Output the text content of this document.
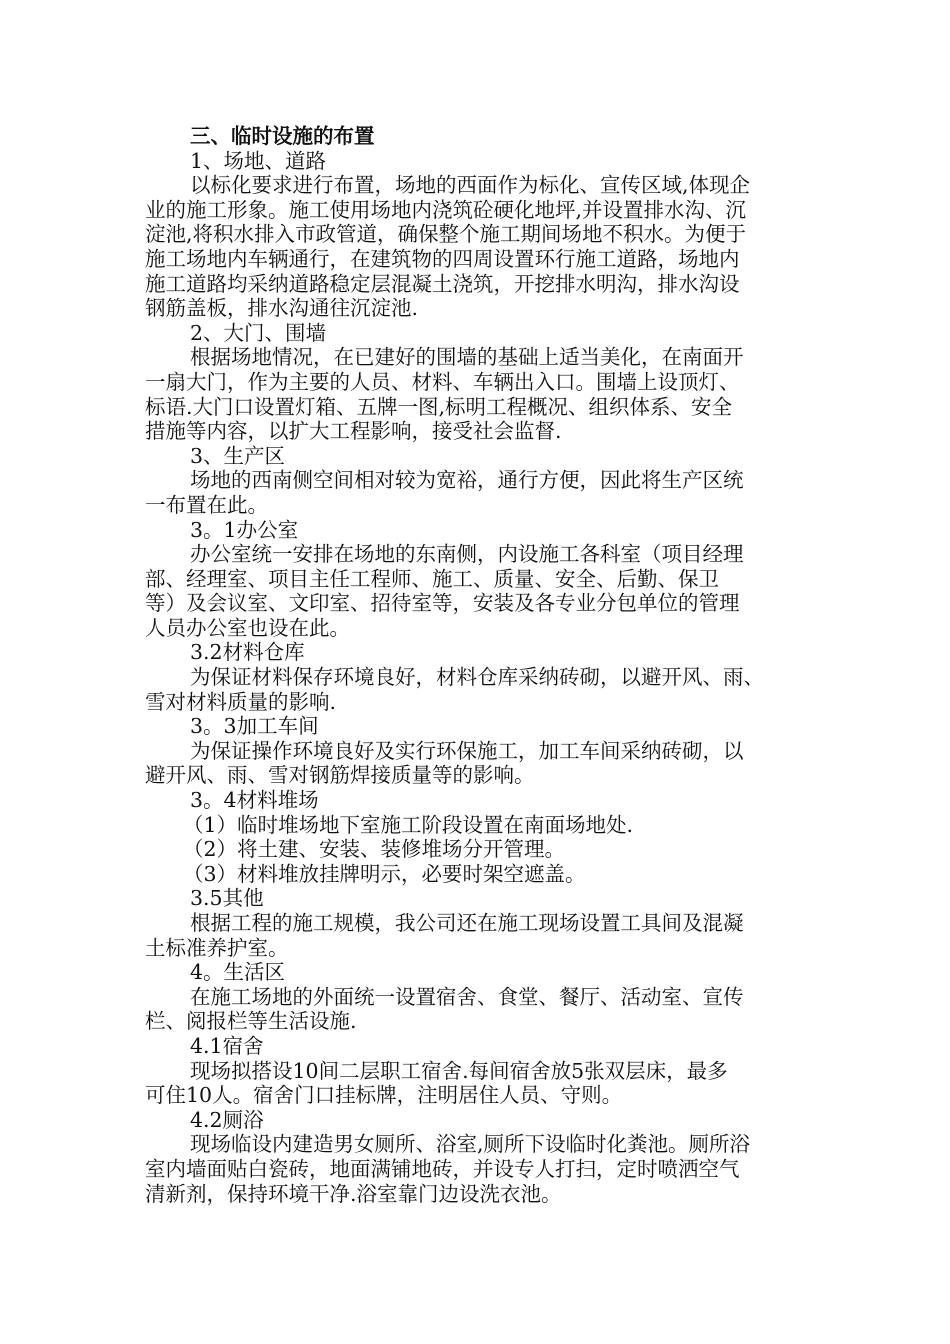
三、临时设施的布置
1、场地、道路
以标化要求进行布置，场地的西面作为标化、宣传区域,体现企
业的施工形象。施工使用场地内浇筑砼硬化地坪,并设置排水沟、沉
淀池,将积水排入市政管道，确保整个施工期间场地不积水。为便于
施工场地内车辆通行，在建筑物的四周设置环行施工道路，场地内
施工道路均采纳道路稳定层混凝土浇筑，开挖排水明沟，排水沟设
钢筋盖板，排水沟通往沉淀池.
2、大门、围墙
根据场地情况，在已建好的围墙的基础上适当美化，在南面开
一扇大门，作为主要的人员、材料、车辆出入口。围墙上设顶灯、
标语.大门口设置灯箱、五牌一图,标明工程概况、组织体系、安全
措施等内容，以扩大工程影响，接受社会监督.
3、生产区
场地的西南侧空间相对较为宽裕，通行方便，因此将生产区统
一布置在此。
3。1办公室
办公室统一安排在场地的东南侧，内设施工各科室（项目经理
部、经理室、项目主任工程师、施工、质量、安全、后勤、保卫
等）及会议室、文印室、招待室等，安装及各专业分包单位的管理
人员办公室也设在此。
3.2材料仓库
为保证材料保存环境良好，材料仓库采纳砖砌，以避开风、雨、
雪对材料质量的影响.
3。3加工车间
为保证操作环境良好及实行环保施工，加工车间采纳砖砌，以
避开风、雨、雪对钢筋焊接质量等的影响。
3。4材料堆场
（1）临时堆场地下室施工阶段设置在南面场地处.
（2）将土建、安装、装修堆场分开管理。
（3）材料堆放挂牌明示，必要时架空遮盖。
3.5其他
根据工程的施工规模，我公司还在施工现场设置工具间及混凝
土标准养护室。
4。生活区
在施工场地的外面统一设置宿舍、食堂、餐厅、活动室、宣传
栏、阅报栏等生活设施.
4.1宿舍
现场拟搭设10间二层职工宿舍.每间宿舍放5张双层床，最多
可住10人。宿舍门口挂标牌，注明居住人员、守则。
4.2厕浴
现场临设内建造男女厕所、浴室,厕所下设临时化粪池。厕所浴
室内墙面贴白瓷砖，地面满铺地砖，并设专人打扫，定时喷洒空气
清新剂，保持环境干净.浴室靠门边设洗衣池。
